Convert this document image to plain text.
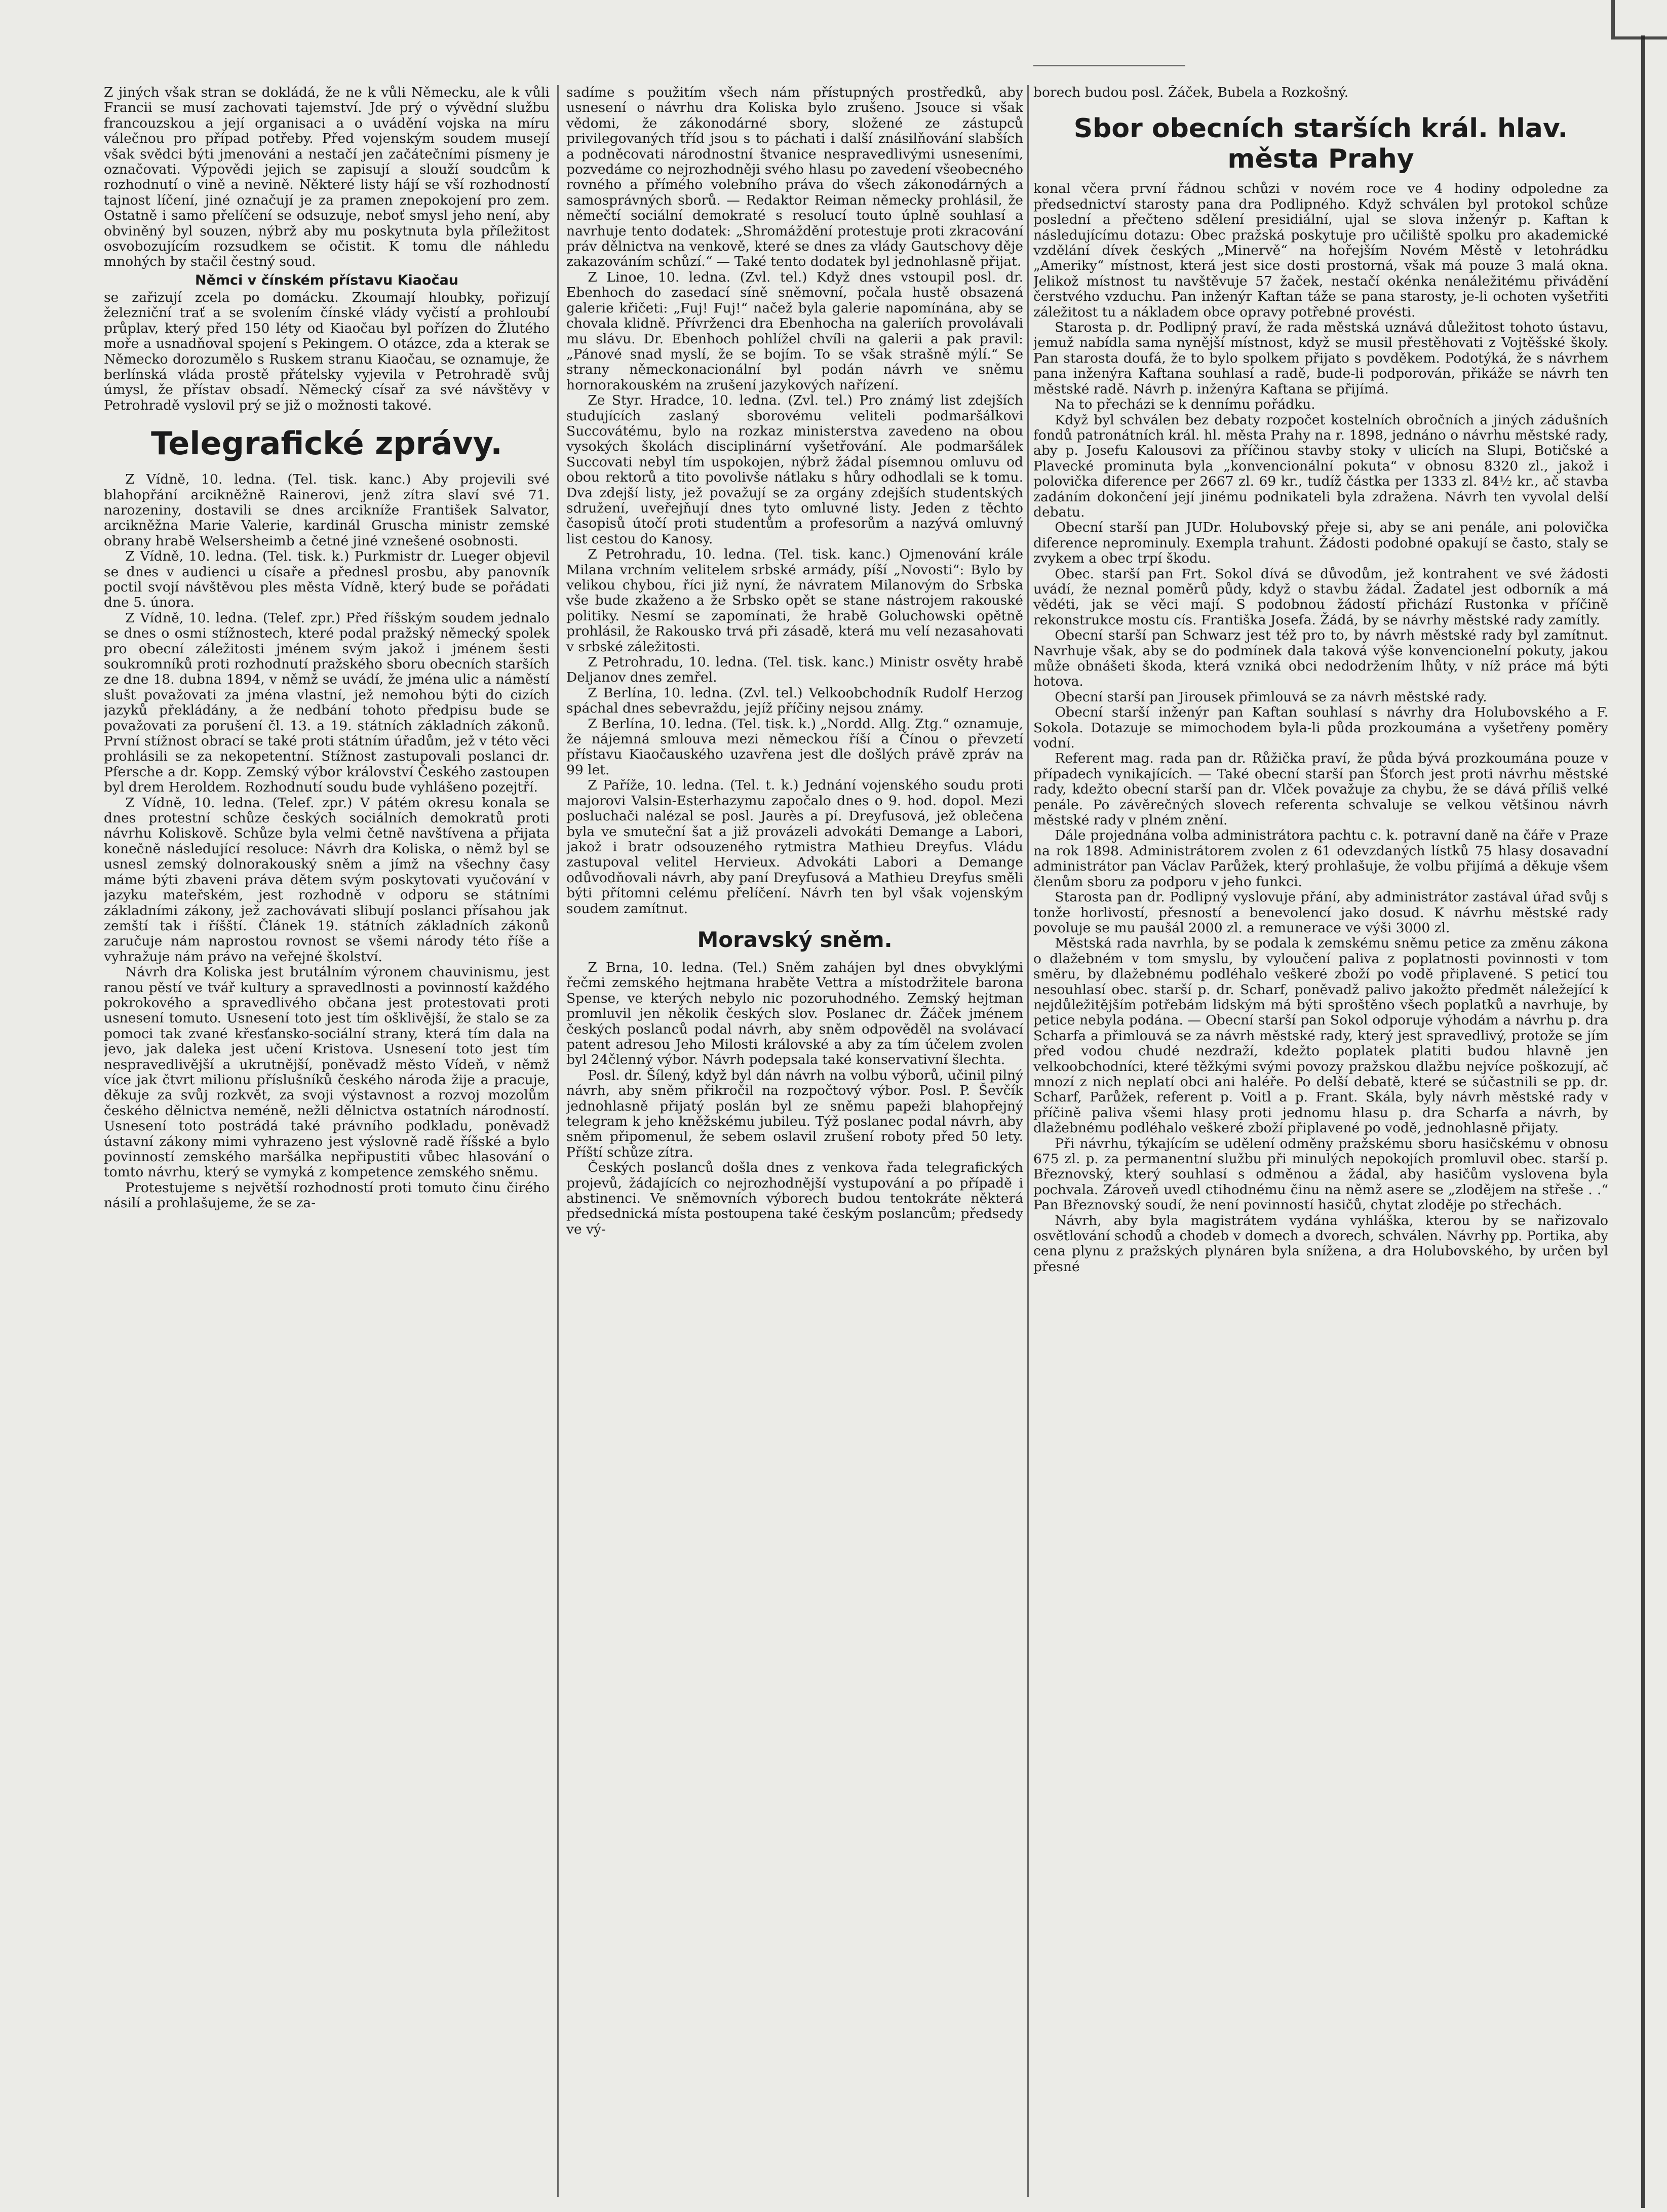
Z jiných však stran se dokládá, že ne k vůli Německu, ale k vůli Francii se musí zachovati tajemství. Jde prý o vývědní službu francouzskou a její organisaci a o uvádění vojska na míru válečnou pro případ potřeby. Před vojenským soudem musejí však svědci býti jmenováni a nestačí jen začátečními písmeny je označovati. Výpovědi jejich se zapisují a slouží soudcům k rozhodnutí o vině a nevině. Některé listy hájí se vší rozhodností tajnost líčení, jiné označují je za pramen znepokojení pro zem. Ostatně i samo přelíčení se odsuzuje, neboť smysl jeho není, aby obviněný byl souzen, nýbrž aby mu poskytnuta byla příležitost osvobozujícím rozsudkem se očistit. K tomu dle náhledu mnohých by stačil čestný soud.

Němci v čínském přístavu Kiaočau

se zařizují zcela po domácku. Zkoumají hloubky, pořizují železniční trať a se svolením čínské vlády vyčistí a prohloubí průplav, který před 150 léty od Kiaočau byl pořízen do Žlutého moře a usnadňoval spojení s Pekingem. O otázce, zda a kterak se Německo dorozumělo s Ruskem stranu Kiaočau, se oznamuje, že berlínská vláda prostě přátelsky vyjevila v Petrohradě svůj úmysl, že přístav obsadí. Německý císař za své návštěvy v Petrohradě vyslovil prý se již o možnosti takové.

Telegrafické zprávy.

Z Vídně, 10. ledna. (Tel. tisk. kanc.) Aby projevili své blahopřání arcikněžně Rainerovi, jenž zítra slaví své 71. narozeniny, dostavili se dnes arcikníže František Salvator, arcikněžna Marie Valerie, kardinál Gruscha ministr zemské obrany hrabě Welsersheimb a četné jiné vznešené osobnosti.

Z Vídně, 10. ledna. (Tel. tisk. k.) Purkmistr dr. Lueger objevil se dnes v audienci u císaře a přednesl prosbu, aby panovník poctil svojí návštěvou ples města Vídně, který bude se pořádati dne 5. února.

Z Vídně, 10. ledna. (Telef. zpr.) Před říšským soudem jednalo se dnes o osmi stížnostech, které podal pražský německý spolek pro obecní záležitosti jménem svým jakož i jménem šesti soukromníků proti rozhodnutí pražského sboru obecních starších ze dne 18. dubna 1894, v němž se uvádí, že jména ulic a náměstí slušt považovati za jména vlastní, jež nemohou býti do cizích jazyků překládány, a že nedbání tohoto předpisu bude se považovati za porušení čl. 13. a 19. státních základních zákonů. První stížnost obrací se také proti státním úřadům, jež v této věci prohlásili se za nekopetentní. Stížnost zastupovali poslanci dr. Pfersche a dr. Kopp. Zemský výbor království Českého zastoupen byl drem Heroldem. Rozhodnutí soudu bude vyhlášeno pozejtří.

Z Vídně, 10. ledna. (Telef. zpr.) V pátém okresu konala se dnes protestní schůze českých sociálních demokratů proti návrhu Koliskově. Schůze byla velmi četně navštívena a přijata konečně následující resoluce: Návrh dra Koliska, o němž byl se usnesl zemský dolnorakouský sněm a jímž na všechny časy máme býti zbaveni práva dětem svým poskytovati vyučování v jazyku mateřském, jest rozhodně v odporu se státními základními zákony, jež zachovávati slibují poslanci přísahou jak zemští tak i říšští. Článek 19. státních základních zákonů zaručuje nám naprostou rovnost se všemi národy této říše a vyhražuje nám právo na veřejné školství.

Návrh dra Koliska jest brutálním výronem chauvinismu, jest ranou pěstí ve tvář kultury a spravedlnosti a povinností každého pokrokového a spravedlivého občana jest protestovati proti usnesení tomuto. Usnesení toto jest tím ošklivější, že stalo se za pomoci tak zvané křesťansko-sociální strany, která tím dala na jevo, jak daleka jest učení Kristova. Usnesení toto jest tím nespravedlivější a ukrutnější, poněvadž město Vídeň, v němž více jak čtvrt milionu příslušníků českého národa žije a pracuje, děkuje za svůj rozkvět, za svoji výstavnost a rozvoj mozolům českého dělnictva neméně, nežli dělnictva ostatních národností. Usnesení toto postrádá také právního podkladu, poněvadž ústavní zákony mimi vyhrazeno jest výslovně radě říšské a bylo povinností zemského maršálka nepřipustiti vůbec hlasování o tomto návrhu, který se vymyká z kompetence zemského sněmu.

Protestujeme s největší rozhodností proti tomuto činu čirého násilí a prohlašujeme, že se za-

sadíme s použitím všech nám přístupných prostředků, aby usnesení o návrhu dra Koliska bylo zrušeno. Jsouce si však vědomi, že zákonodárné sbory, složené ze zástupců privilegovaných tříd jsou s to páchati i další znásilňování slabších a podněcovati národnostní štvanice nespravedlivými usneseními, pozvedáme co nejrozhodněji svého hlasu po zavedení všeobecného rovného a přímého volebního práva do všech zákonodárných a samosprávných sborů. — Redaktor Reiman německy prohlásil, že němečtí sociální demokraté s resolucí touto úplně souhlasí a navrhuje tento dodatek: „Shromáždění protestuje proti zkracování práv dělnictva na venkově, které se dnes za vlády Gautschovy děje zakazováním schůzí.“ — Také tento dodatek byl jednohlasně přijat.

Z Linoe, 10. ledna. (Zvl. tel.) Když dnes vstoupil posl. dr. Ebenhoch do zasedací síně sněmovní, počala hustě obsazená galerie křičeti: „Fuj! Fuj!“ načež byla galerie napomínána, aby se chovala klidně. Přívrženci dra Ebenhocha na galeriích provolávali mu slávu. Dr. Ebenhoch pohlížel chvíli na galerii a pak pravil: „Pánové snad myslí, že se bojím. To se však strašně mýlí.“ Se strany německonacionální byl podán návrh ve sněmu hornorakouském na zrušení jazykových nařízení.

Ze Styr. Hradce, 10. ledna. (Zvl. tel.) Pro známý list zdejších studujících zaslaný sborovému veliteli podmaršálkovi Succovátému, bylo na rozkaz ministerstva zavedeno na obou vysokých školách disciplinární vyšetřování. Ale podmaršálek Succovati nebyl tím uspokojen, nýbrž žádal písemnou omluvu od obou rektorů a tito povolivše nátlaku s hůry odhodlali se k tomu. Dva zdejší listy, jež považují se za orgány zdejších studentských sdružení, uveřejňují dnes tyto omluvné listy. Jeden z těchto časopisů útočí proti studentům a profesorům a nazývá omluvný list cestou do Kanosy.

Z Petrohradu, 10. ledna. (Tel. tisk. kanc.) Ojmenování krále Milana vrchním velitelem srbské armády, píší „Novosti“: Bylo by velikou chybou, říci již nyní, že návratem Milanovým do Srbska vše bude zkaženo a že Srbsko opět se stane nástrojem rakouské politiky. Nesmí se zapomínati, že hrabě Goluchowski opětně prohlásil, že Rakousko trvá při zásadě, která mu velí nezasahovati v srbské záležitosti.

Z Petrohradu, 10. ledna. (Tel. tisk. kanc.) Ministr osvěty hrabě Deljanov dnes zemřel.

Z Berlína, 10. ledna. (Zvl. tel.) Velkoobchodník Rudolf Herzog spáchal dnes sebevraždu, jejíž příčiny nejsou známy.

Z Berlína, 10. ledna. (Tel. tisk. k.) „Nordd. Allg. Ztg.“ oznamuje, že nájemná smlouva mezi německou říší a Čínou o převzetí přístavu Kiaočauského uzavřena jest dle došlých právě zpráv na 99 let.

Z Paříže, 10. ledna. (Tel. t. k.) Jednání vojenského soudu proti majorovi Valsin-Esterhazymu započalo dnes o 9. hod. dopol. Mezi posluchači nalézal se posl. Jaurès a pí. Dreyfusová, jež oblečena byla ve smuteční šat a již provázeli advokáti Demange a Labori, jakož i bratr odsouzeného rytmistra Mathieu Dreyfus. Vládu zastupoval velitel Hervieux. Advokáti Labori a Demange odůvodňovali návrh, aby paní Dreyfusová a Mathieu Dreyfus směli býti přítomni celému přelíčení. Návrh ten byl však vojenským soudem zamítnut.

Moravský sněm.

Z Brna, 10. ledna. (Tel.) Sněm zahájen byl dnes obvyklými řečmi zemského hejtmana hraběte Vettra a místodržitele barona Spense, ve kterých nebylo nic pozoruhodného. Zemský hejtman promluvil jen několik českých slov. Poslanec dr. Žáček jménem českých poslanců podal návrh, aby sněm odpověděl na svolávací patent adresou Jeho Milosti královské a aby za tím účelem zvolen byl 24členný výbor. Návrh podepsala také konservativní šlechta.

Posl. dr. Šílený, když byl dán návrh na volbu výborů, učinil pilný návrh, aby sněm přikročil na rozpočtový výbor. Posl. P. Ševčík jednohlasně přijatý poslán byl ze sněmu papeži blahopřejný telegram k jeho kněžskému jubileu. Týž poslanec podal návrh, aby sněm připomenul, že sebem oslavil zrušení roboty před 50 lety. Příští schůze zítra.

Českých poslanců došla dnes z venkova řada telegrafických projevů, žádajících co nejrozhodnější vystupování a po případě i abstinenci. Ve sněmovních výborech budou tentokráte některá předsednická místa postoupena také českým poslancům; předsedy ve vý-

borech budou posl. Žáček, Bubela a Rozkošný.

Sbor obecních starších král. hlav.
města Prahy

konal včera první řádnou schůzi v novém roce ve 4 hodiny odpoledne za předsednictví starosty pana dra Podlipného. Když schválen byl protokol schůze poslední a přečteno sdělení presidiální, ujal se slova inženýr p. Kaftan k následujícímu dotazu: Obec pražská poskytuje pro učiliště spolku pro akademické vzdělání dívek českých „Minervě“ na hořejším Novém Městě v letohrádku „Ameriky“ místnost, která jest sice dosti prostorná, však má pouze 3 malá okna. Jelikož místnost tu navštěvuje 57 žaček, nestačí okénka nenáležitému přivádění čerstvého vzduchu. Pan inženýr Kaftan táže se pana starosty, je-li ochoten vyšetřiti záležitost tu a nákladem obce opravy potřebné provésti.

Starosta p. dr. Podlipný praví, že rada městská uznává důležitost tohoto ústavu, jemuž nabídla sama nynější místnost, když se musil přestěhovati z Vojtěšské školy. Pan starosta doufá, že to bylo spolkem přijato s povděkem. Podotýká, že s návrhem pana inženýra Kaftana souhlasí a radě, bude-li podporován, přikáže se návrh ten městské radě. Návrh p. inženýra Kaftana se přijímá.

Na to přecházi se k dennímu pořádku.

Když byl schválen bez debaty rozpočet kostelních obročních a jiných zádušních fondů patronátních král. hl. města Prahy na r. 1898, jednáno o návrhu městské rady, aby p. Josefu Kalousovi za příčinou stavby stoky v ulicích na Slupi, Botičské a Plavecké prominuta byla „konvencionální pokuta“ v obnosu 8320 zl., jakož i polovička diference per 2667 zl. 69 kr., tudíž částka per 1333 zl. 84½ kr., ač stavba zadáním dokončení její jinému podnikateli byla zdražena. Návrh ten vyvolal delší debatu.

Obecní starší pan JUDr. Holubovský přeje si, aby se ani penále, ani polovička diference neprominuly. Exempla trahunt. Žádosti podobné opakují se často, staly se zvykem a obec trpí škodu.

Obec. starší pan Frt. Sokol dívá se důvodům, jež kontrahent ve své žádosti uvádí, že neznal poměrů půdy, když o stavbu žádal. Žadatel jest odborník a má vědéti, jak se věci mají. S podobnou žádostí přichází Rustonka v příčině rekonstrukce mostu cís. Františka Josefa. Žádá, by se návrhy městské rady zamítly.

Obecní starší pan Schwarz jest též pro to, by návrh městské rady byl zamítnut. Navrhuje však, aby se do podmínek dala taková výše konvencionelní pokuty, jakou může obnášeti škoda, která vzniká obci nedodržením lhůty, v níž práce má býti hotova.

Obecní starší pan Jirousek přimlouvá se za návrh městské rady.

Obecní starší inženýr pan Kaftan souhlasí s návrhy dra Holubovského a F. Sokola. Dotazuje se mimochodem byla-li půda prozkoumána a vyšetřeny poměry vodní.

Referent mag. rada pan dr. Růžička praví, že půda bývá prozkoumána pouze v případech vynikajících. — Také obecní starší pan Šťorch jest proti návrhu městské rady, kdežto obecní starší pan dr. Vlček považuje za chybu, že se dává příliš velké penále. Po závěrečných slovech referenta schvaluje se velkou většinou návrh městské rady v plném znění.

Dále projednána volba administrátora pachtu c. k. potravní daně na čáře v Praze na rok 1898. Administrátorem zvolen z 61 odevzdaných lístků 75 hlasy dosavadní administrátor pan Václav Parůžek, který prohlašuje, že volbu přijímá a děkuje všem členům sboru za podporu v jeho funkci.

Starosta pan dr. Podlipný vyslovuje přání, aby administrátor zastával úřad svůj s tonže horlivostí, přesností a benevolencí jako dosud. K návrhu městské rady povoluje se mu paušál 2000 zl. a remunerace ve výši 3000 zl.

Městská rada navrhla, by se podala k zemskému sněmu petice za změnu zákona o dlažebném v tom smyslu, by vyloučení paliva z poplatnosti povinnosti v tom směru, by dlažebnému podléhalo veškeré zboží po vodě připlavené. S peticí tou nesouhlasí obec. starší p. dr. Scharf, poněvadž palivo jakožto předmět náležející k nejdůležitějším potřebám lidským má býti sproštěno všech poplatků a navrhuje, by petice nebyla podána. — Obecní starší pan Sokol odporuje výhodám a návrhu p. dra Scharfa a přimlouvá se za návrh městské rady, který jest spravedlivý, protože se jím před vodou chudé nezdraží, kdežto poplatek platiti budou hlavně jen velkoobchodníci, které těžkými svými povozy pražskou dlažbu nejvíce poškozují, ač mnozí z nich neplatí obci ani haléře. Po delší debatě, které se súčastnili se pp. dr. Scharf, Parůžek, referent p. Voitl a p. Frant. Skála, byly návrh městské rady v příčině paliva všemi hlasy proti jednomu hlasu p. dra Scharfa a návrh, by dlažebnému podléhalo veškeré zboží připlavené po vodě, jednohlasně přijaty.

Při návrhu, týkajícím se udělení odměny pražskému sboru hasičskému v obnosu 675 zl. p. za permanentní službu při minulých nepokojích promluvil obec. starší p. Březnovský, který souhlasí s odměnou a žádal, aby hasičům vyslovena byla pochvala. Zároveň uvedl ctihodnému činu na němž asere se „zlodějem na střeše . .“ Pan Březnovský soudí, že není povinností hasičů, chytat zloděje po střechách.

Návrh, aby byla magistrátem vydána vyhláška, kterou by se nařizovalo osvětlování schodů a chodeb v domech a dvorech, schválen. Návrhy pp. Portika, aby cena plynu z pražských plynáren byla snížena, a dra Holubovského, by určen byl přesné
